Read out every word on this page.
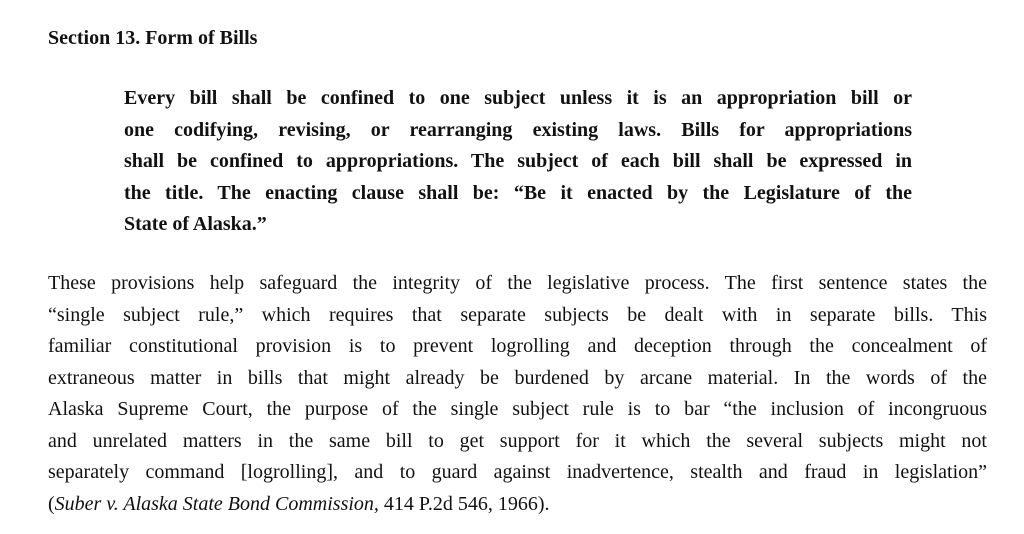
Section 13. Form of Bills
Every bill shall be confined to one subject unless it is an appropriation bill or
one codifying, revising, or rearranging existing laws. Bills for appropriations
shall be confined to appropriations. The subject of each bill shall be expressed in
the title. The enacting clause shall be: “Be it enacted by the Legislature of the
State of Alaska.”
These provisions help safeguard the integrity of the legislative process. The first sentence states the
“single subject rule,” which requires that separate subjects be dealt with in separate bills. This
familiar constitutional provision is to prevent logrolling and deception through the concealment of
extraneous matter in bills that might already be burdened by arcane material. In the words of the
Alaska Supreme Court, the purpose of the single subject rule is to bar “the inclusion of incongruous
and unrelated matters in the same bill to get support for it which the several subjects might not
separately command [logrolling], and to guard against inadvertence, stealth and fraud in legislation”
(Suber v. Alaska State Bond Commission, 414 P.2d 546, 1966).
